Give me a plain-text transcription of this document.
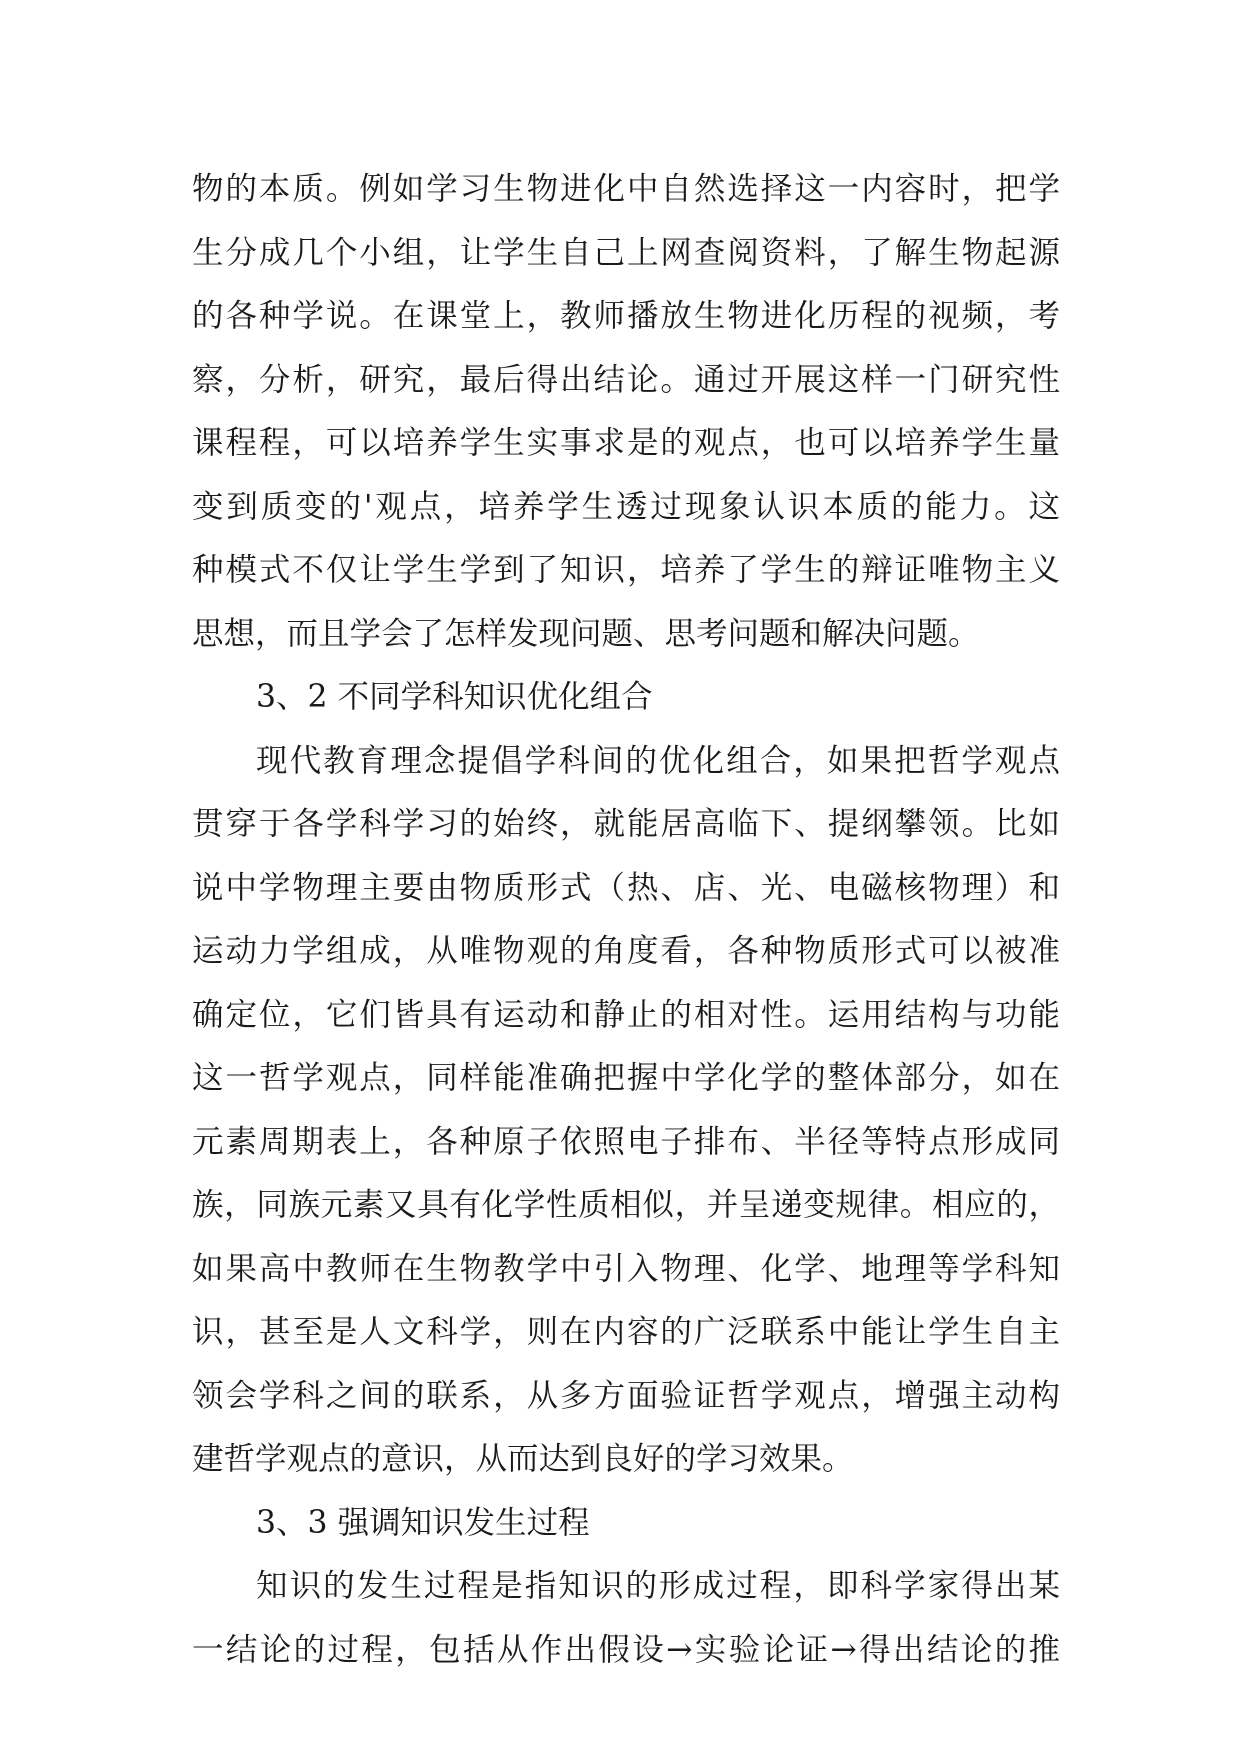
物的本质。例如学习生物进化中自然选择这一内容时，把学
生分成几个小组，让学生自己上网查阅资料，了解生物起源
的各种学说。在课堂上，教师播放生物进化历程的视频，考
察，分析，研究，最后得出结论。通过开展这样一门研究性
课程程，可以培养学生实事求是的观点，也可以培养学生量
变到质变的'观点，培养学生透过现象认识本质的能力。这
种模式不仅让学生学到了知识，培养了学生的辩证唯物主义
思想，而且学会了怎样发现问题、思考问题和解决问题。
3、2 不同学科知识优化组合
现代教育理念提倡学科间的优化组合，如果把哲学观点
贯穿于各学科学习的始终，就能居高临下、提纲攀领。比如
说中学物理主要由物质形式（热、店、光、电磁核物理）和
运动力学组成，从唯物观的角度看，各种物质形式可以被准
确定位，它们皆具有运动和静止的相对性。运用结构与功能
这一哲学观点，同样能准确把握中学化学的整体部分，如在
元素周期表上，各种原子依照电子排布、半径等特点形成同
族，同族元素又具有化学性质相似，并呈递变规律。相应的，
如果高中教师在生物教学中引入物理、化学、地理等学科知
识，甚至是人文科学，则在内容的广泛联系中能让学生自主
领会学科之间的联系，从多方面验证哲学观点，增强主动构
建哲学观点的意识，从而达到良好的学习效果。
3、3 强调知识发生过程
知识的发生过程是指知识的形成过程，即科学家得出某
一结论的过程，包括从作出假设→实验论证→得出结论的推
